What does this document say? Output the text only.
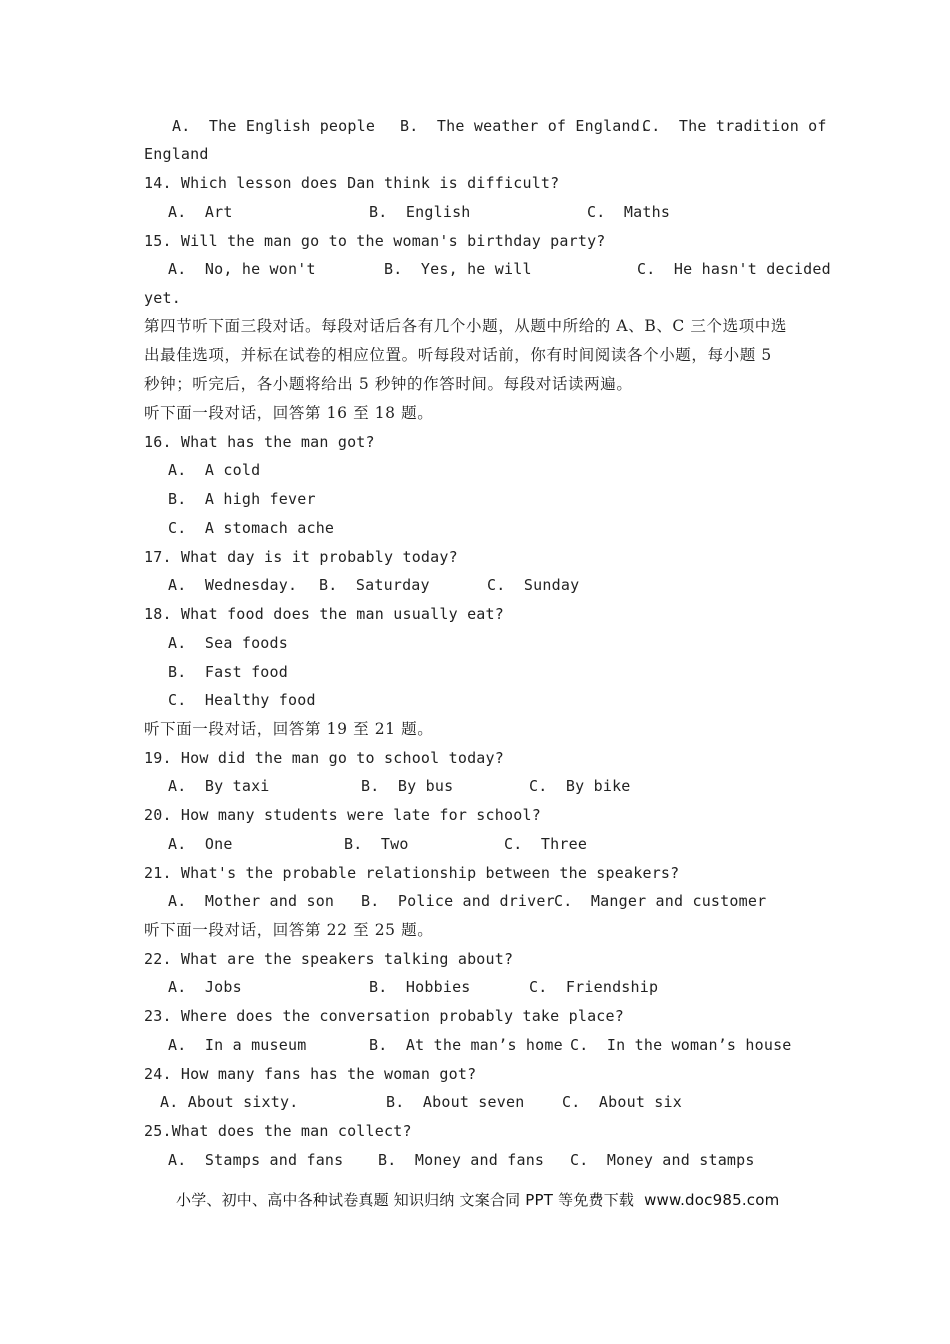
A.  The English people B.  The weather of England.
C.  The tradition of
England
14. Which lesson does Dan think is difficult?
A.  Art	B.  English	C.  Maths
15. Will the man go to the woman's birthday party?
A.  No, he won't	B.  Yes, he will	C.  He hasn't decided
yet.
第四节听下面三段对话。每段对话后各有几个小题，从题中所给的 A、B、C 三个选项中选
出最佳选项，并标在试卷的相应位置。听每段对话前，你有时间阅读各个小题，每小题 5
秒钟；听完后，各小题将给出 5 秒钟的作答时间。每段对话读两遍。
听下面一段对话，回答第 16 至 18 题。
16. What has the man got?
A.  A cold
B.  A high fever
C.  A stomach ache
17. What day is it probably today?
A.  Wednesday. B.  Saturday	C.  Sunday
18. What food does the man usually eat?
A.  Sea foods
B.  Fast food
C.  Healthy food
听下面一段对话，回答第 19 至 21 题。
19. How did the man go to school today?
A.  By taxi	B.  By bus	C.  By bike
20. How many students were late for school?
A.  One	B.  Two	C.  Three
21. What's the probable relationship between the speakers?
A.  Mother and son B.  Police and driver C.  Manger and customer
听下面一段对话，回答第 22 至 25 题。
22. What are the speakers talking about?
A.  Jobs	B.  Hobbies	C.  Friendship
23. Where does the conversation probably take place?
A.  In a museum	B.  At the man’s home C.  In the woman’s house
24. How many fans has the woman got?
A. About sixty.	B.  About seven	C.  About six
25.What does the man collect?
A.  Stamps and fans B.  Money and fans C.  Money and stamps
小学、初中、高中各种试卷真题 知识归纳 文案合同 PPT 等免费下载  www.doc985.com
